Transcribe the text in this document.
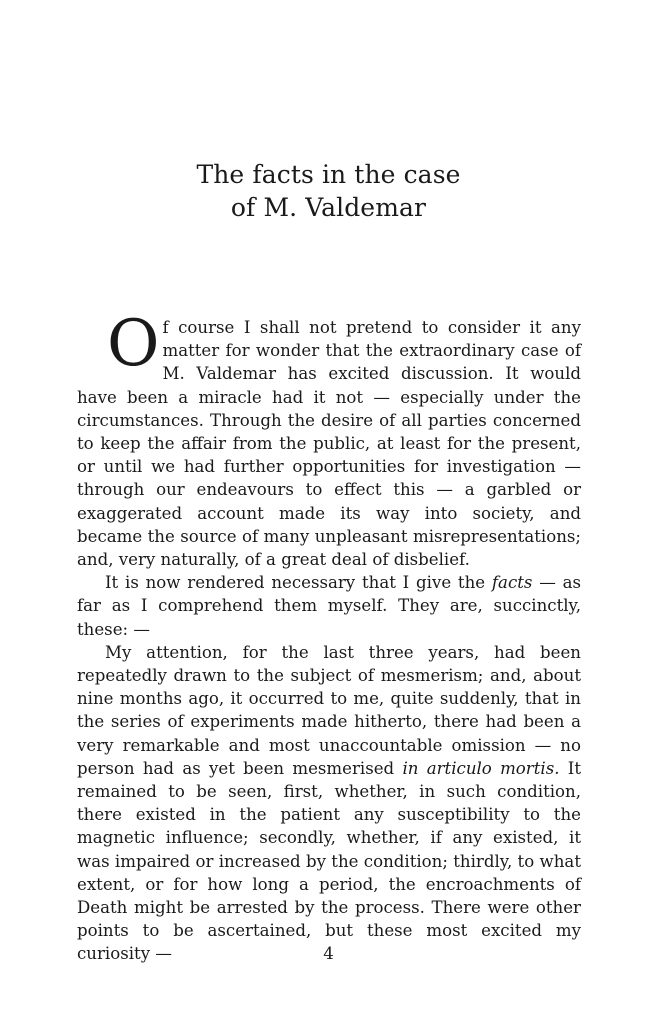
The facts in the case
of M. Valdemar

Of course I shall not pretend to consider it any matter for wonder that the extraordinary case of M. Valdemar has excited discussion. It would have been a miracle had it not — especially under the circumstances. Through the desire of all parties concerned to keep the affair from the public, at least for the present, or until we had further opportunities for investigation — through our endeavours to effect this — a garbled or exaggerated account made its way into society, and became the source of many unpleasant misrepresentations; and, very naturally, of a great deal of disbelief.

It is now rendered necessary that I give the facts — as far as I comprehend them myself. They are, succinctly, these: —

My attention, for the last three years, had been repeatedly drawn to the subject of mesmerism; and, about nine months ago, it occurred to me, quite suddenly, that in the series of experiments made hitherto, there had been a very remarkable and most unaccountable omission — no person had as yet been mesmerised in articulo mortis. It remained to be seen, first, whether, in such condition, there existed in the patient any susceptibility to the magnetic influence; secondly, whether, if any existed, it was impaired or increased by the condition; thirdly, to what extent, or for how long a period, the encroachments of Death might be arrested by the process. There were other points to be ascertained, but these most excited my curiosity —	4
